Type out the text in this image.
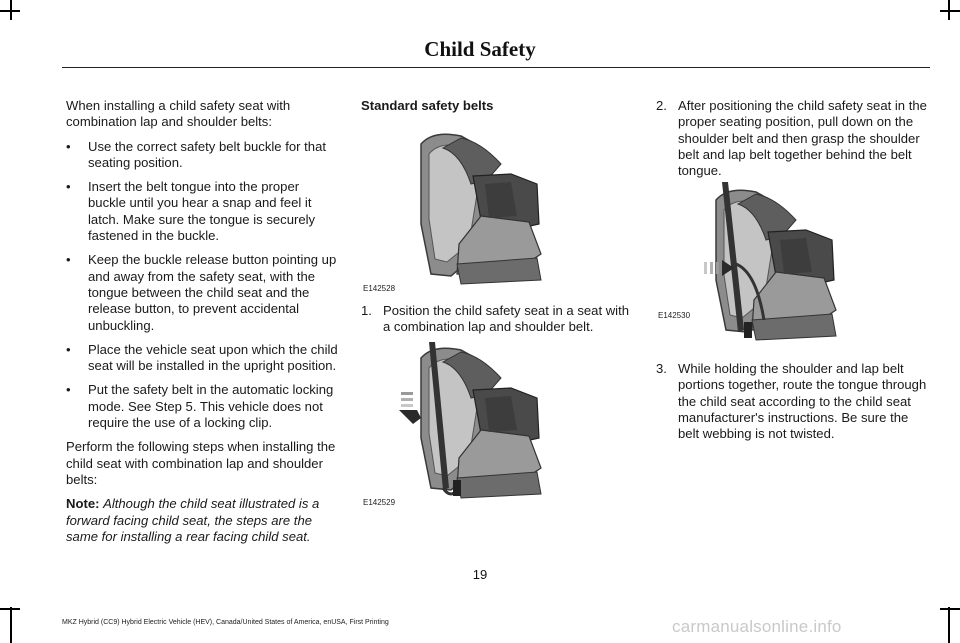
Child Safety

When installing a child safety seat with combination lap and shoulder belts:

• Use the correct safety belt buckle for that seating position.
• Insert the belt tongue into the proper buckle until you hear a snap and feel it latch. Make sure the tongue is securely fastened in the buckle.
• Keep the buckle release button pointing up and away from the safety seat, with the tongue between the child seat and the release button, to prevent accidental unbuckling.
• Place the vehicle seat upon which the child seat will be installed in the upright position.
• Put the safety belt in the automatic locking mode. See Step 5. This vehicle does not require the use of a locking clip.

Perform the following steps when installing the child seat with combination lap and shoulder belts:

Note: Although the child seat illustrated is a forward facing child seat, the steps are the same for installing a rear facing child seat.

Standard safety belts

E142528
1. Position the child safety seat in a seat with a combination lap and shoulder belt.
E142529
2. After positioning the child safety seat in the proper seating position, pull down on the shoulder belt and then grasp the shoulder belt and lap belt together behind the belt tongue.
E142530
3. While holding the shoulder and lap belt portions together, route the tongue through the child seat according to the child seat manufacturer's instructions. Be sure the belt webbing is not twisted.
19
MKZ Hybrid (CC9) Hybrid Electric Vehicle (HEV), Canada/United States of America, enUSA, First Printing	carmanualsonline.info
